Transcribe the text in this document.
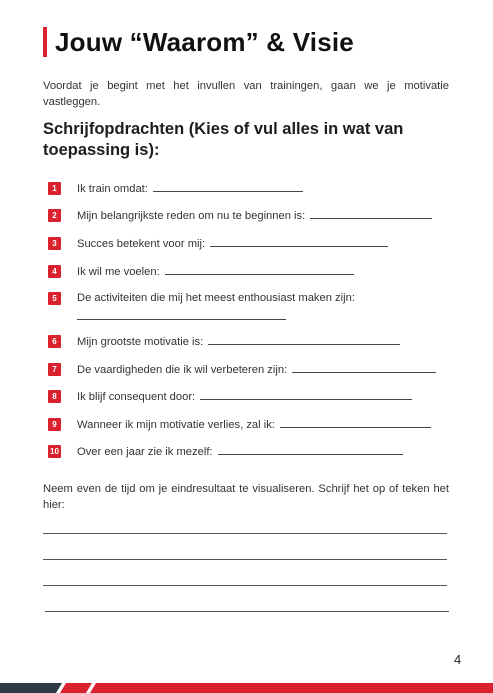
Jouw “Waarom” & Visie
Voordat je begint met het invullen van trainingen, gaan we je motivatie vastleggen.
Schrijfopdrachten (Kies of vul alles in wat van toepassing is):
1	Ik train omdat:
2	Mijn belangrijkste reden om nu te beginnen is:
3	Succes betekent voor mij:
4	Ik wil me voelen:
5	De activiteiten die mij het meest enthousiast maken zijn:
6	Mijn grootste motivatie is:
7	De vaardigheden die ik wil verbeteren zijn:
8	Ik blijf consequent door:
9	Wanneer ik mijn motivatie verlies, zal ik:
10 Over een jaar zie ik mezelf:
Neem even de tijd om je eindresultaat te visualiseren. Schrijf het op of teken het hier:
4
